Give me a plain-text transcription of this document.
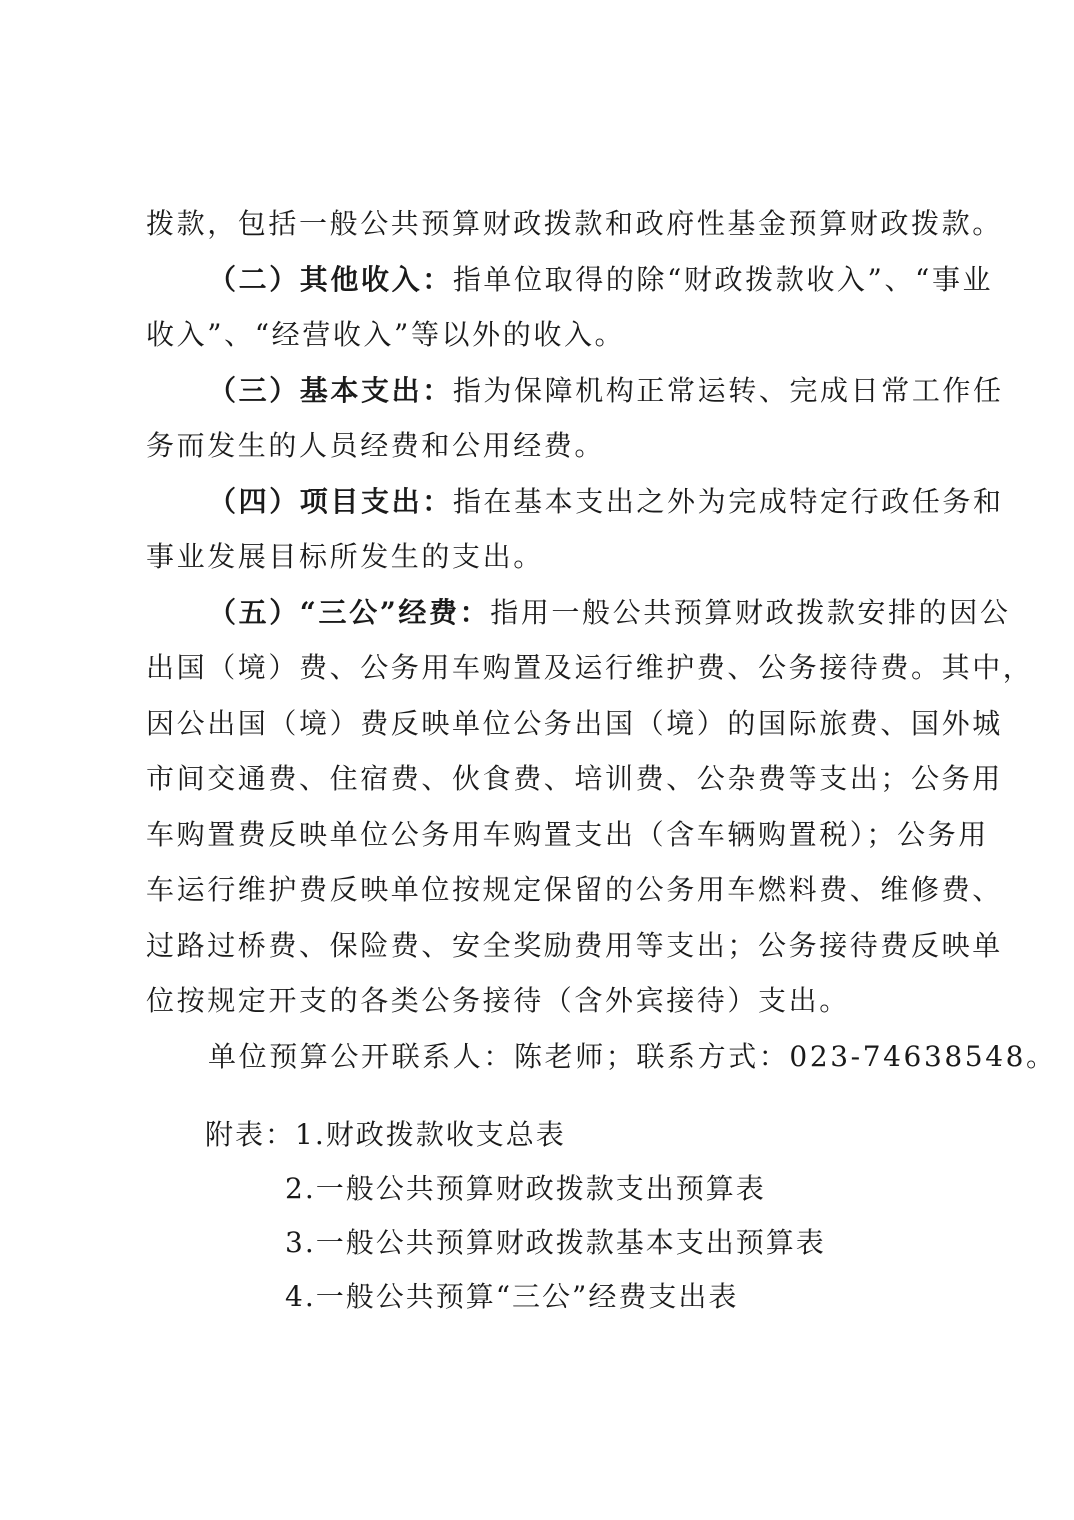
拨款，包括一般公共预算财政拨款和政府性基金预算财政拨款。
（二）其他收入：指单位取得的除“财政拨款收入”、“事业
收入”、“经营收入”等以外的收入。
（三）基本支出：指为保障机构正常运转、完成日常工作任
务而发生的人员经费和公用经费。
（四）项目支出：指在基本支出之外为完成特定行政任务和
事业发展目标所发生的支出。
（五）“三公”经费：指用一般公共预算财政拨款安排的因公
出国（境）费、公务用车购置及运行维护费、公务接待费。其中，
因公出国（境）费反映单位公务出国（境）的国际旅费、国外城
市间交通费、住宿费、伙食费、培训费、公杂费等支出；公务用
车购置费反映单位公务用车购置支出（含车辆购置税）；公务用
车运行维护费反映单位按规定保留的公务用车燃料费、维修费、
过路过桥费、保险费、安全奖励费用等支出；公务接待费反映单
位按规定开支的各类公务接待（含外宾接待）支出。
单位预算公开联系人：陈老师；联系方式：023-74638548。
附表：1.财政拨款收支总表
2.一般公共预算财政拨款支出预算表
3.一般公共预算财政拨款基本支出预算表
4.一般公共预算“三公”经费支出表
